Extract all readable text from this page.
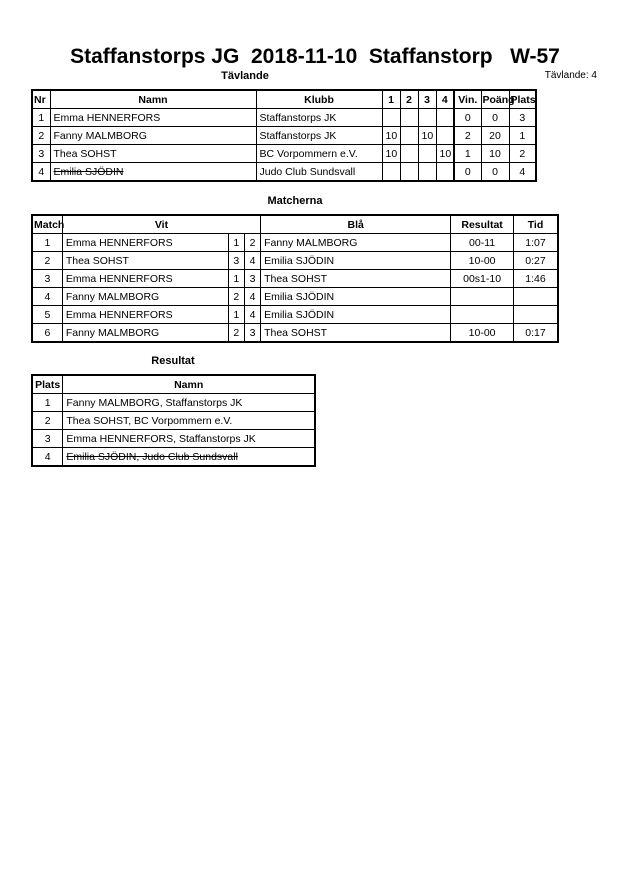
Staffanstorps JG  2018-11-10  Staffanstorp   W-57
Tävlande	Tävlande: 4
Nr	Namn	Klubb	1	2	3	4	Vin.	Poäng	Plats
1	Emma HENNERFORS	Staffanstorps JK					0	0	3
2	Fanny MALMBORG	Staffanstorps JK	10		10		2	20	1
3	Thea SOHST	BC Vorpommern e.V.	10			10	1	10	2
4	Emilia SJÖDIN	Judo Club Sundsvall					0	0	4
Matcherna
Match	Vit			Blå	Resultat	Tid
1	Emma HENNERFORS	1	2	Fanny MALMBORG	00-11	1:07
2	Thea SOHST	3	4	Emilia SJÖDIN	10-00	0:27
3	Emma HENNERFORS	1	3	Thea SOHST	00s1-10	1:46
4	Fanny MALMBORG	2	4	Emilia SJÖDIN		
5	Emma HENNERFORS	1	4	Emilia SJÖDIN		
6	Fanny MALMBORG	2	3	Thea SOHST	10-00	0:17
Resultat
Plats	Namn
1	Fanny MALMBORG, Staffanstorps JK
2	Thea SOHST, BC Vorpommern e.V.
3	Emma HENNERFORS, Staffanstorps JK
4	Emilia SJÖDIN, Judo Club Sundsvall
